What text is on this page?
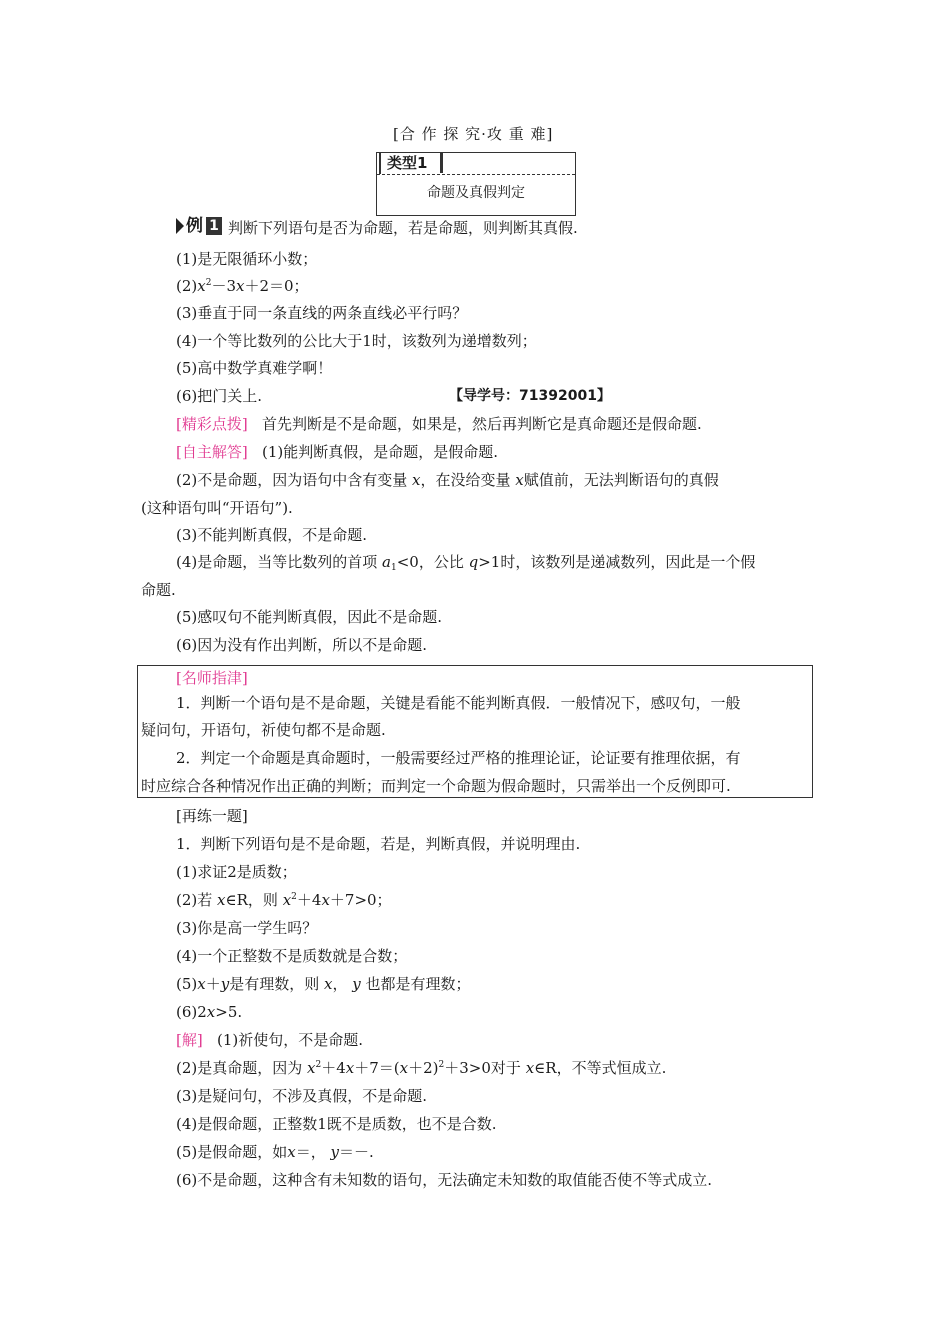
[合 作 探 究·攻 重 难]
类型1
命题及真假判定
例 1 判断下列语句是否为命题，若是命题，则判断其真假.
(1)是无限循环小数；
$(2)x^2-3x+2=0$；
(3)垂直于同一条直线的两条直线必平行吗？
(4)一个等比数列的公比大于1时，该数列为递增数列；
(5)高中数学真难学啊！
(6)把门关上.	【导学号：71392001】
[精彩点拨] 首先判断是不是命题，如果是，然后再判断它是真命题还是假命题.
[自主解答] (1)能判断真假，是命题，是假命题.
(2)不是命题，因为语句中含有变量 x，在没给变量 x赋值前，无法判断语句的真假
(这种语句叫“开语句”).
(3)不能判断真假，不是命题.
(4)是命题，当等比数列的首项 $a_1<0$，公比 q>1时，该数列是递减数列，因此是一个假
命题.
(5)感叹句不能判断真假，因此不是命题.
(6)因为没有作出判断，所以不是命题.
[名师指津]
1．判断一个语句是不是命题，关键是看能不能判断真假．一般情况下，感叹句，一般
疑问句，开语句，祈使句都不是命题.
2．判定一个命题是真命题时，一般需要经过严格的推理论证，论证要有推理依据，有
时应综合各种情况作出正确的判断；而判定一个命题为假命题时，只需举出一个反例即可.
[再练一题]
1．判断下列语句是不是命题，若是，判断真假，并说明理由.
(1)求证2是质数；
(2)若 x∈R，则 $x^2+4x+7>0$；
(3)你是高一学生吗？
(4)一个正整数不是质数就是合数；
(5)x＋y是有理数，则 x， y 也都是有理数；
(6)2x>5.
[解] (1)祈使句，不是命题.
(2)是真命题，因为 $x^2+4x+7=(x+2)^2+3>0$对于 x∈R，不等式恒成立.
(3)是疑问句，不涉及真假，不是命题.
(4)是假命题，正整数1既不是质数，也不是合数.
(5)是假命题，如x＝， y＝－.
(6)不是命题，这种含有未知数的语句，无法确定未知数的取值能否使不等式成立.
